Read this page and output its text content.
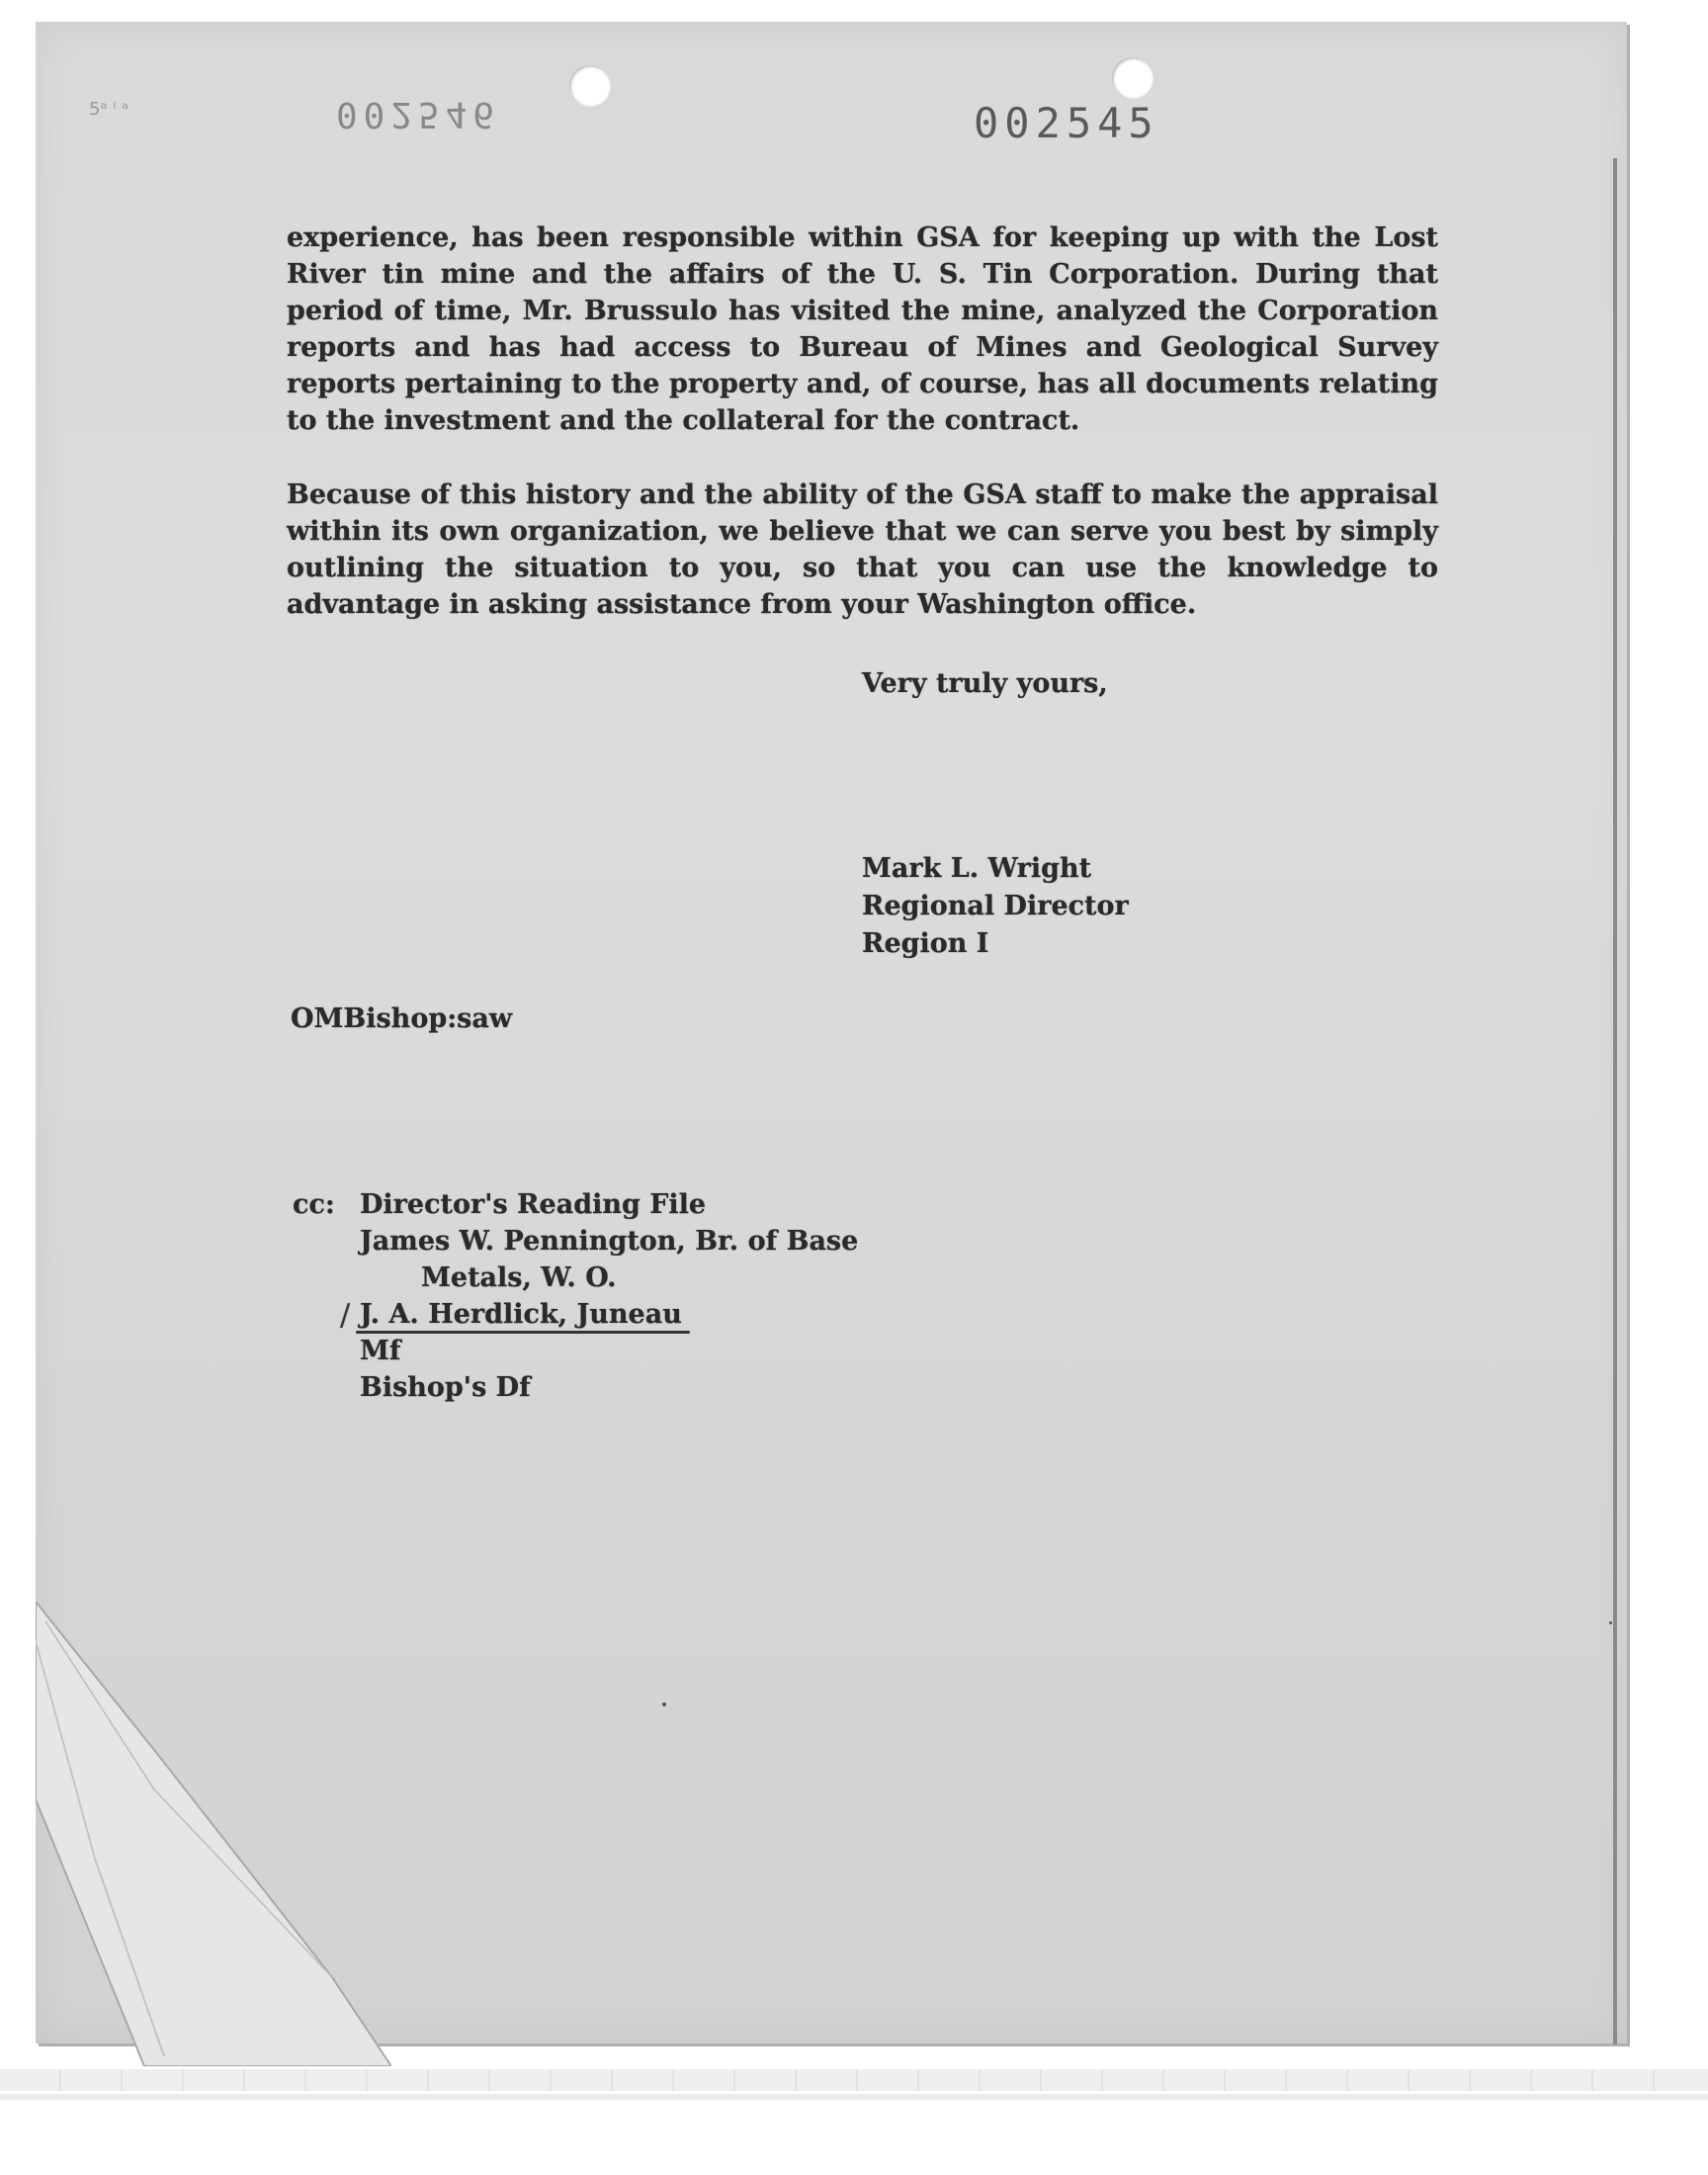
5ᵃ ˡ ᵃ	002546	002545

experience, has been responsible within GSA for keeping up with the Lost River tin mine and the affairs of the U. S. Tin Corporation. During that period of time, Mr. Brussulo has visited the mine, analyzed the Corporation reports and has had access to Bureau of Mines and Geological Survey reports pertaining to the property and, of course, has all documents relating to the investment and the collateral for the contract.

Because of this history and the ability of the GSA staff to make the appraisal within its own organization, we believe that we can serve you best by simply outlining the situation to you, so that you can use the knowledge to advantage in asking assistance from your Washington office.

Very truly yours,
Mark L. Wright
Regional Director
Region I
OMBishop:saw
cc: Director's Reading File
James W. Pennington, Br. of Base
Metals, W. O.
/ J. A. Herdlick, Juneau
Mf
Bishop's Df
